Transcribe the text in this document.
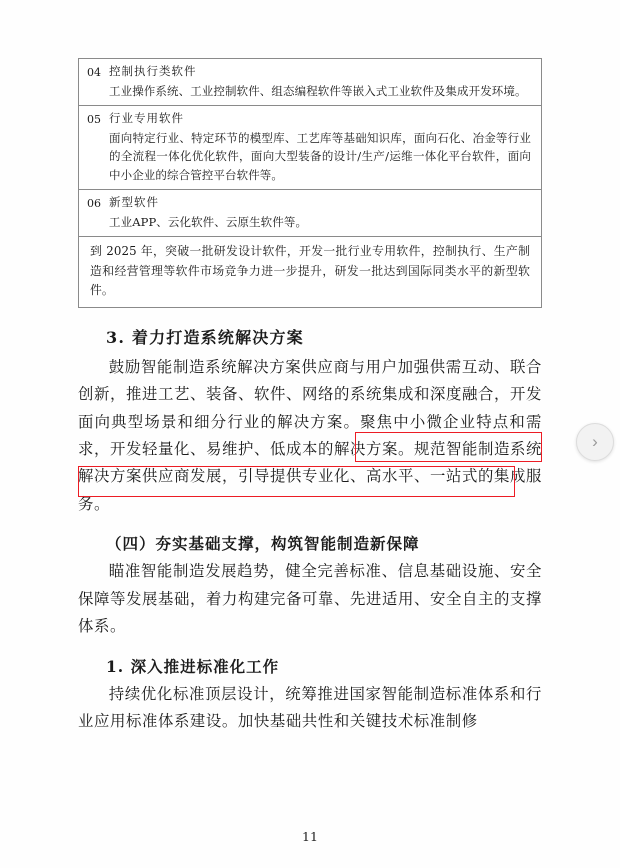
04 控制执行类软件
工业操作系统、工业控制软件、组态编程软件等嵌入式工业软件及集成开发环境。
05 行业专用软件
面向特定行业、特定环节的模型库、工艺库等基础知识库，面向石化、冶金等行业的全流程一体化优化软件，面向大型装备的设计/生产/运维一体化平台软件，面向中小企业的综合管控平台软件等。
06 新型软件
工业APP、云化软件、云原生软件等。
到 2025 年，突破一批研发设计软件，开发一批行业专用软件，控制执行、生产制造和经营管理等软件市场竞争力进一步提升，研发一批达到国际同类水平的新型软件。
3. 着力打造系统解决方案
鼓励智能制造系统解决方案供应商与用户加强供需互动、联合创新，推进工艺、装备、软件、网络的系统集成和深度融合，开发面向典型场景和细分行业的解决方案。聚焦中小微企业特点和需求，开发轻量化、易维护、低成本的解决方案。规范智能制造系统解决方案供应商发展，引导提供专业化、高水平、一站式的集成服务。
（四）夯实基础支撑，构筑智能制造新保障
瞄准智能制造发展趋势，健全完善标准、信息基础设施、安全保障等发展基础，着力构建完备可靠、先进适用、安全自主的支撑体系。
1. 深入推进标准化工作
持续优化标准顶层设计，统筹推进国家智能制造标准体系和行业应用标准体系建设。加快基础共性和关键技术标准制修
›
11
